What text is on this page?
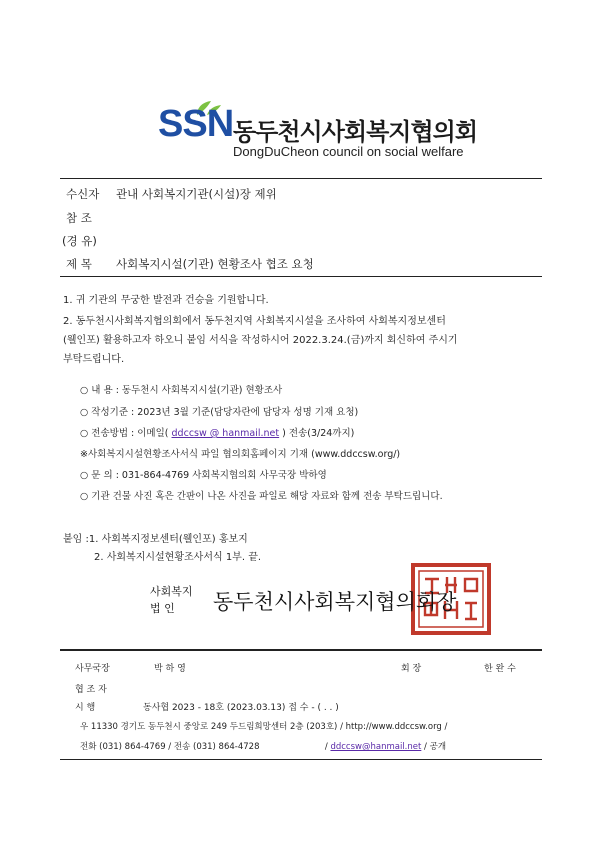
SSN 동두천시사회복지협의회
DongDuCheon council on social welfare
수신자 관내 사회복지기관(시설)장 제위
참 조
(경 유)
제 목 사회복지시설(기관) 현황조사 협조 요청
1. 귀 기관의 무궁한 발전과 건승을 기원합니다.
2. 동두천시사회복지협의회에서 동두천지역 사회복지시설을 조사하여 사회복지정보센터
(웰인포) 활용하고자 하오니 붙임 서식을 작성하시어 2022.3.24.(금)까지 회신하여 주시기
부탁드립니다.
○ 내 용 : 동두천시 사회복지시설(기관) 현황조사
○ 작성기준 : 2023년 3월 기준(담당자란에 담당자 성명 기재 요청)
○ 전송방법 : 이메일( ddccsw @ hanmail.net ) 전송(3/24까지)
※사회복지시설현황조사서식 파일 협의회홈페이지 기재 (www.ddccsw.org/)
○ 문 의 : 031-864-4769 사회복지협의회 사무국장 박하영
○ 기관 건물 사진 혹은 간판이 나온 사진을 파일로 해당 자료와 함께 전송 부탁드립니다.
붙임 :1. 사회복지정보센터(웰인포) 홍보지
2. 사회복지시설현황조사서식 1부. 끝.
사회복지
법 인 동두천시사회복지협의회장
사무국장	박 하 영	회 장	한 완 수
협 조 자
시 행	동사협 2023 - 18호 (2023.03.13) 접 수 - ( . . )
우 11330 경기도 동두천시 중앙로 249 두드림희망센터 2층 (203호) / http://www.ddccsw.org /
전화 (031) 864-4769 / 전송 (031) 864-4728	/ ddccsw@hanmail.net / 공개
